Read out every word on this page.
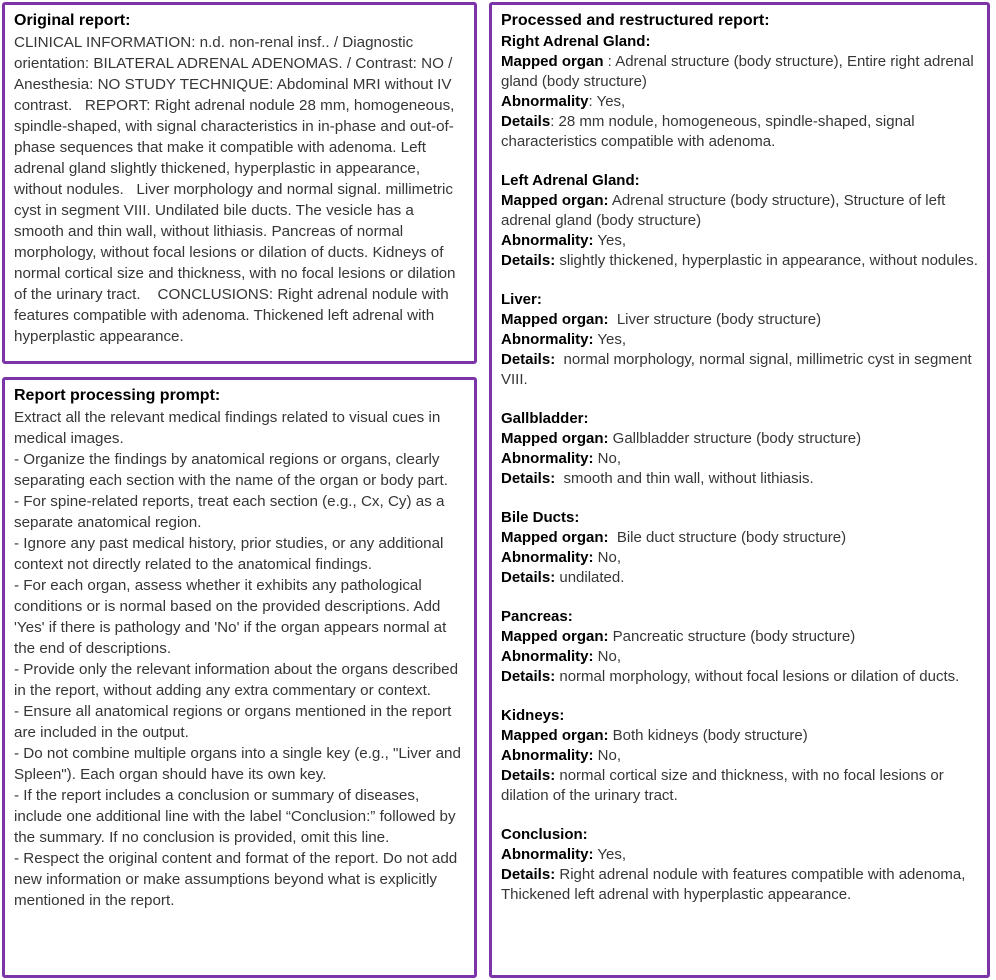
Original report:
CLINICAL INFORMATION: n.d. non-renal insf.. / Diagnostic orientation: BILATERAL ADRENAL ADENOMAS. / Contrast: NO / Anesthesia: NO STUDY TECHNIQUE: Abdominal MRI without IV contrast.   REPORT: Right adrenal nodule 28 mm, homogeneous, spindle-shaped, with signal characteristics in in-phase and out-of-phase sequences that make it compatible with adenoma. Left adrenal gland slightly thickened, hyperplastic in appearance, without nodules.   Liver morphology and normal signal. millimetric cyst in segment VIII. Undilated bile ducts. The vesicle has a smooth and thin wall, without lithiasis. Pancreas of normal morphology, without focal lesions or dilation of ducts. Kidneys of normal cortical size and thickness, with no focal lesions or dilation of the urinary tract.    CONCLUSIONS: Right adrenal nodule with features compatible with adenoma. Thickened left adrenal with hyperplastic appearance.
Report processing prompt:
Extract all the relevant medical findings related to visual cues in medical images.
- Organize the findings by anatomical regions or organs, clearly separating each section with the name of the organ or body part.
- For spine-related reports, treat each section (e.g., Cx, Cy) as a separate anatomical region.
- Ignore any past medical history, prior studies, or any additional context not directly related to the anatomical findings.
- For each organ, assess whether it exhibits any pathological conditions or is normal based on the provided descriptions. Add 'Yes' if there is pathology and 'No' if the organ appears normal at the end of descriptions.
- Provide only the relevant information about the organs described in the report, without adding any extra commentary or context.
- Ensure all anatomical regions or organs mentioned in the report are included in the output.
- Do not combine multiple organs into a single key (e.g., "Liver and Spleen"). Each organ should have its own key.
- If the report includes a conclusion or summary of diseases, include one additional line with the label “Conclusion:” followed by the summary. If no conclusion is provided, omit this line.
- Respect the original content and format of the report. Do not add new information or make assumptions beyond what is explicitly mentioned in the report.
Processed and restructured report:
Right Adrenal Gland:
Mapped organ : Adrenal structure (body structure), Entire right adrenal gland (body structure)
Abnormality: Yes,
Details: 28 mm nodule, homogeneous, spindle-shaped, signal characteristics compatible with adenoma.
Left Adrenal Gland:
Mapped organ: Adrenal structure (body structure), Structure of left adrenal gland (body structure)
Abnormality: Yes,
Details: slightly thickened, hyperplastic in appearance, without nodules.
Liver:
Mapped organ:  Liver structure (body structure)
Abnormality: Yes,
Details:  normal morphology, normal signal, millimetric cyst in segment VIII.
Gallbladder:
Mapped organ: Gallbladder structure (body structure)
Abnormality: No,
Details:  smooth and thin wall, without lithiasis.
Bile Ducts:
Mapped organ:  Bile duct structure (body structure)
Abnormality: No,
Details: undilated.
Pancreas:
Mapped organ: Pancreatic structure (body structure)
Abnormality: No,
Details: normal morphology, without focal lesions or dilation of ducts.
Kidneys:
Mapped organ: Both kidneys (body structure)
Abnormality: No,
Details: normal cortical size and thickness, with no focal lesions or dilation of the urinary tract.
Conclusion:
Abnormality: Yes,
Details: Right adrenal nodule with features compatible with adenoma, Thickened left adrenal with hyperplastic appearance.
